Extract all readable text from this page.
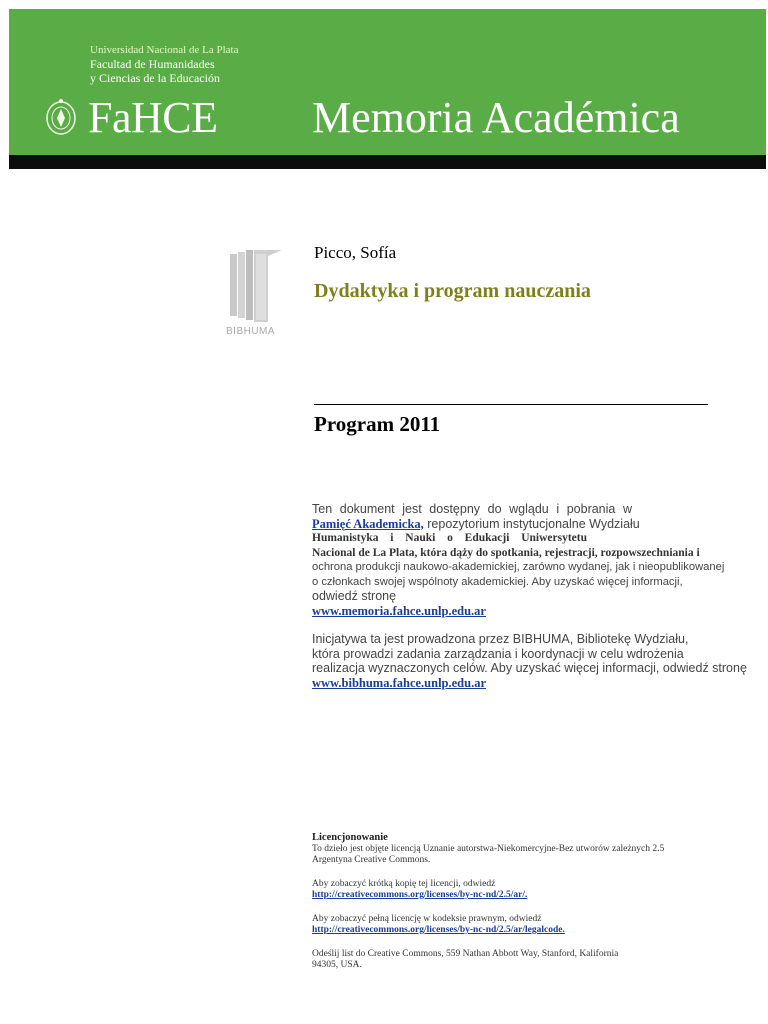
Universidad Nacional de La Plata
Facultad de Humanidades
y Ciencias de la Educación
FaHCE Memoria Académica
BIBHUMA
Picco, Sofía
Dydaktyka i program nauczania
Program 2011
Ten dokument jest dostępny do wglądu i pobrania w
Pamięć Akademicka, repozytorium instytucjonalne Wydziału
Humanistyka i Nauki o Edukacji Uniwersytetu
Nacional de La Plata, która dąży do spotkania, rejestracji, rozpowszechniania i
ochrona produkcji naukowo-akademickiej, zarówno wydanej, jak i nieopublikowanej
o członkach swojej wspólnoty akademickiej. Aby uzyskać więcej informacji,
odwiedź stronę
www.memoria.fahce.unlp.edu.ar
Inicjatywa ta jest prowadzona przez BIBHUMA, Bibliotekę Wydziału,
która prowadzi zadania zarządzania i koordynacji w celu wdrożenia
realizacja wyznaczonych celów. Aby uzyskać więcej informacji, odwiedź stronę
www.bibhuma.fahce.unlp.edu.ar
Licencjonowanie
To dzieło jest objęte licencją Uznanie autorstwa-Niekomercyjne-Bez utworów zależnych 2.5
Argentyna Creative Commons.
Aby zobaczyć krótką kopię tej licencji, odwiedź
http://creativecommons.org/licenses/by-nc-nd/2.5/ar/.
Aby zobaczyć pełną licencję w kodeksie prawnym, odwiedź
http://creativecommons.org/licenses/by-nc-nd/2.5/ar/legalcode.
Odeślij list do Creative Commons, 559 Nathan Abbott Way, Stanford, Kalifornia
94305, USA.
